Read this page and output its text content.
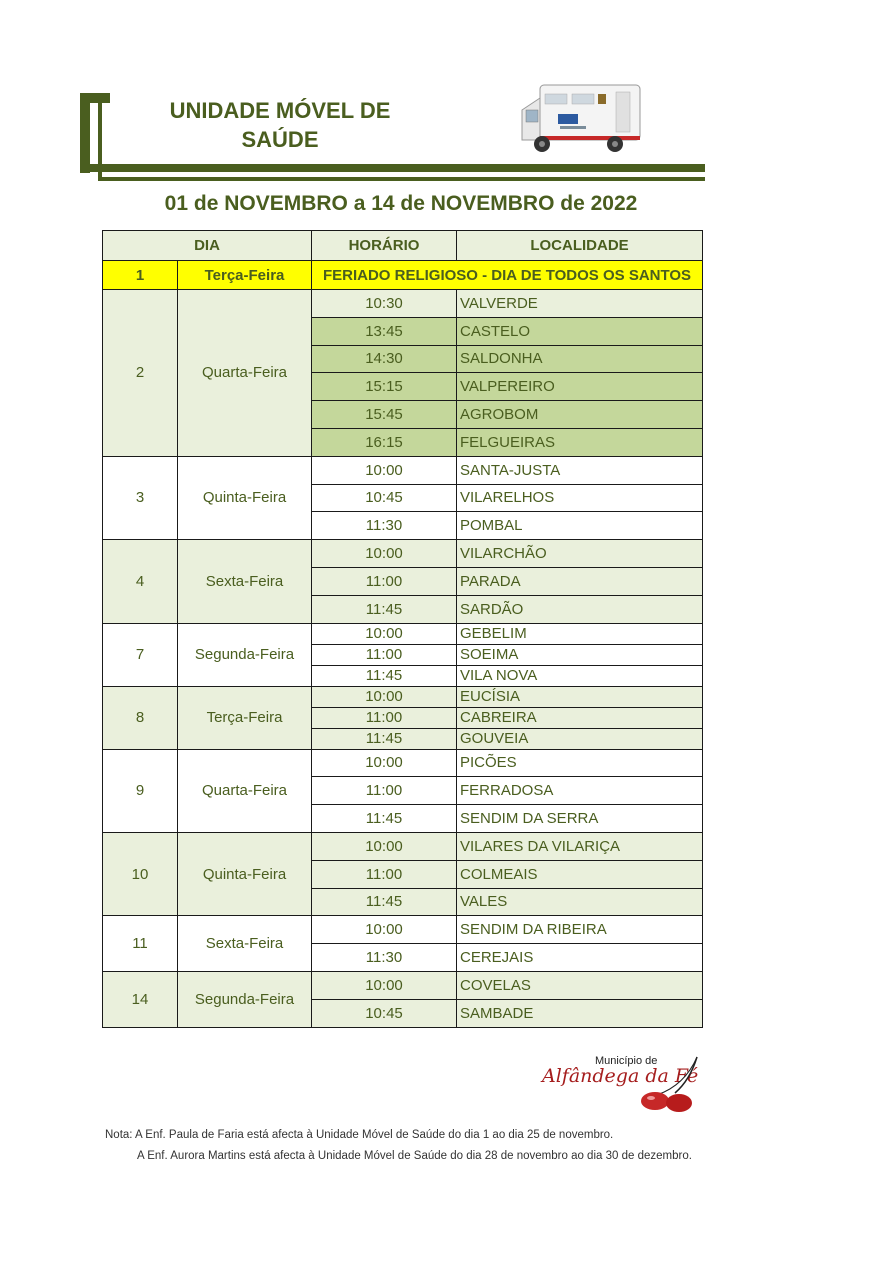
UNIDADE MÓVEL DE
SAÚDE
01 de NOVEMBRO a 14 de NOVEMBRO de 2022
DIA		HORÁRIO	LOCALIDADE
1	Terça-Feira	FERIADO RELIGIOSO - DIA DE TODOS OS SANTOS	
2	Quarta-Feira	10:30	VALVERDE
		13:45	CASTELO
		14:30	SALDONHA
		15:15	VALPEREIRO
		15:45	AGROBOM
		16:15	FELGUEIRAS
3	Quinta-Feira	10:00	SANTA-JUSTA
		10:45	VILARELHOS
		11:30	POMBAL
4	Sexta-Feira	10:00	VILARCHÃO
		11:00	PARADA
		11:45	SARDÃO
7	Segunda-Feira	10:00	GEBELIM
		11:00	SOEIMA
		11:45	VILA NOVA
8	Terça-Feira	10:00	EUCÍSIA
		11:00	CABREIRA
		11:45	GOUVEIA
9	Quarta-Feira	10:00	PICÕES
		11:00	FERRADOSA
		11:45	SENDIM DA SERRA
10	Quinta-Feira	10:00	VILARES DA VILARIÇA
		11:00	COLMEAIS
		11:45	VALES
11	Sexta-Feira	10:00	SENDIM DA RIBEIRA
		11:30	CEREJAIS
14	Segunda-Feira	10:00	COVELAS
		10:45	SAMBADE
Município de
Alfândega da Fé
Nota: A Enf. Paula de Faria está afecta à Unidade Móvel de Saúde do dia 1 ao dia 25 de novembro.
A Enf. Aurora Martins está afecta à Unidade Móvel de Saúde do dia 28 de novembro ao dia 30 de dezembro.
